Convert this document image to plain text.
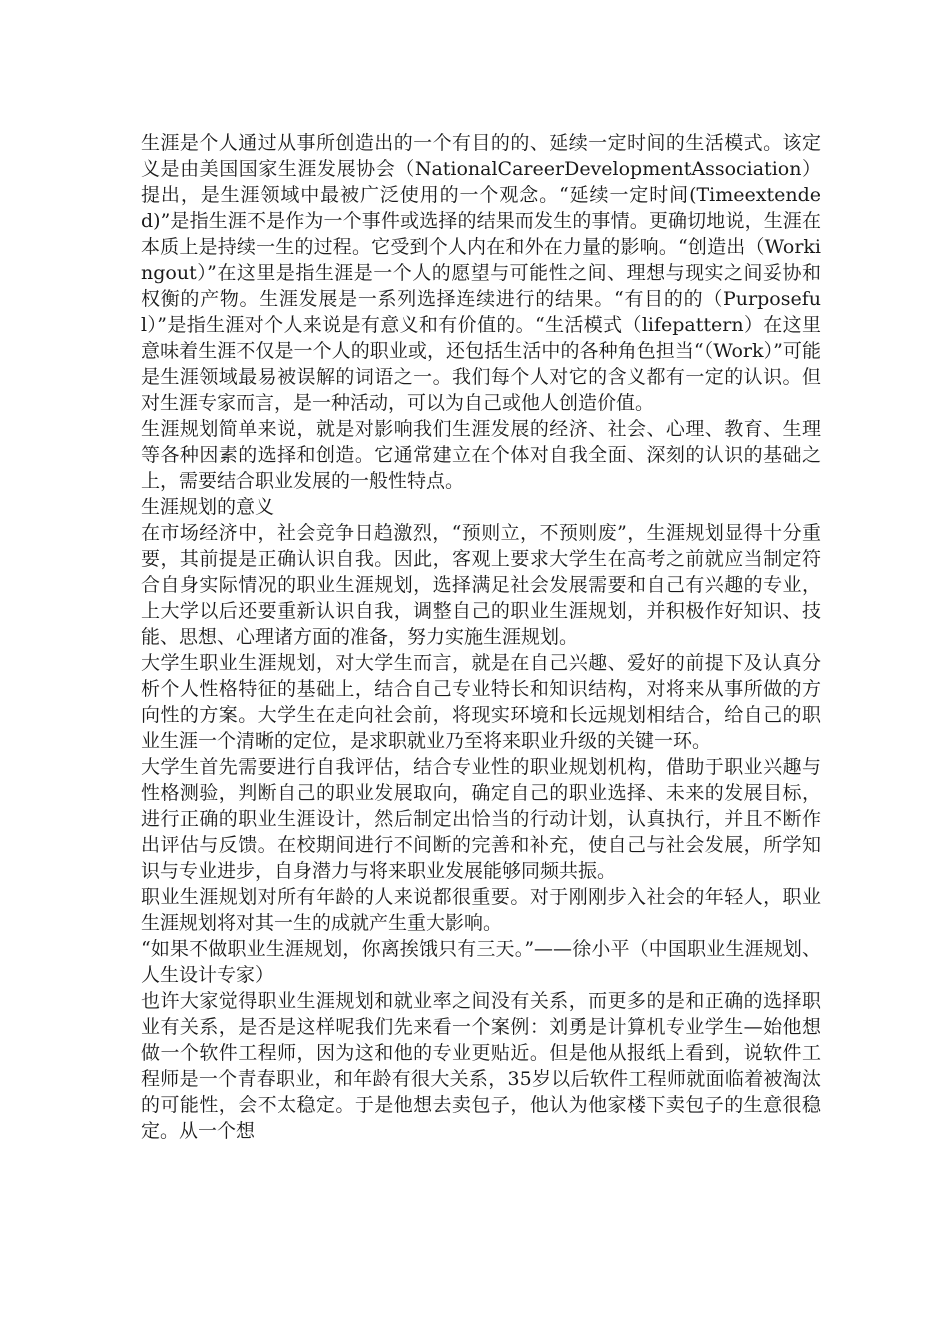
生涯是个人通过从事所创造出的一个有目的的、延续一定时间的生活模式。该定义是由美国国家生涯发展协会（NationalCareerDevelopmentAssociation）提出，是生涯领域中最被广泛使用的一个观念。“延续一定时间(Timeextended)”是指生涯不是作为一个事件或选择的结果而发生的事情。更确切地说，生涯在本质上是持续一生的过程。它受到个人内在和外在力量的影响。“创造出（Workingout）”在这里是指生涯是一个人的愿望与可能性之间、理想与现实之间妥协和权衡的产物。生涯发展是一系列选择连续进行的结果。“有目的的（Purposeful）”是指生涯对个人来说是有意义和有价值的。“生活模式（lifepattern）在这里意味着生涯不仅是一个人的职业或，还包括生活中的各种角色担当“（Work）”可能是生涯领域最易被误解的词语之一。我们每个人对它的含义都有一定的认识。但对生涯专家而言，是一种活动，可以为自己或他人创造价值。

生涯规划简单来说，就是对影响我们生涯发展的经济、社会、心理、教育、生理等各种因素的选择和创造。它通常建立在个体对自我全面、深刻的认识的基础之上，需要结合职业发展的一般性特点。

生涯规划的意义

在市场经济中，社会竞争日趋激烈，“预则立，不预则废”，生涯规划显得十分重要，其前提是正确认识自我。因此，客观上要求大学生在高考之前就应当制定符合自身实际情况的职业生涯规划，选择满足社会发展需要和自己有兴趣的专业，上大学以后还要重新认识自我，调整自己的职业生涯规划，并积极作好知识、技能、思想、心理诸方面的准备，努力实施生涯规划。

大学生职业生涯规划，对大学生而言，就是在自己兴趣、爱好的前提下及认真分析个人性格特征的基础上，结合自己专业特长和知识结构，对将来从事所做的方向性的方案。大学生在走向社会前，将现实环境和长远规划相结合，给自己的职业生涯一个清晰的定位，是求职就业乃至将来职业升级的关键一环。

大学生首先需要进行自我评估，结合专业性的职业规划机构，借助于职业兴趣与性格测验，判断自己的职业发展取向，确定自己的职业选择、未来的发展目标，进行正确的职业生涯设计，然后制定出恰当的行动计划，认真执行，并且不断作出评估与反馈。在校期间进行不间断的完善和补充，使自己与社会发展，所学知识与专业进步，自身潜力与将来职业发展能够同频共振。

职业生涯规划对所有年龄的人来说都很重要。对于刚刚步入社会的年轻人，职业生涯规划将对其一生的成就产生重大影响。

“如果不做职业生涯规划，你离挨饿只有三天。”——徐小平（中国职业生涯规划、人生设计专家）

也许大家觉得职业生涯规划和就业率之间没有关系，而更多的是和正确的选择职业有关系，是否是这样呢我们先来看一个案例：刘勇是计算机专业学生—始他想做一个软件工程师，因为这和他的专业更贴近。但是他从报纸上看到，说软件工程师是一个青春职业，和年龄有很大关系，35岁以后软件工程师就面临着被淘汰的可能性，会不太稳定。于是他想去卖包子，他认为他家楼下卖包子的生意很稳定。从一个想
